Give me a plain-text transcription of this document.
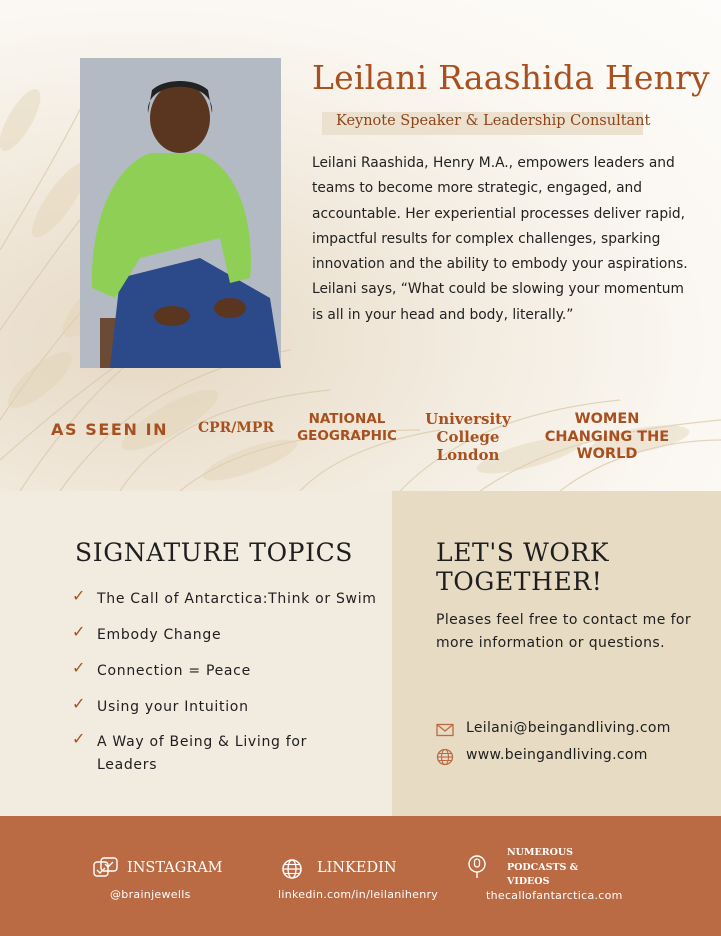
Leilani Raashida Henry
Keynote Speaker & Leadership Consultant
Leilani Raashida, Henry M.A., empowers leaders and teams to become more strategic, engaged, and accountable. Her experiential processes deliver rapid, impactful results for complex challenges, sparking innovation and the ability to embody your aspirations. Leilani says, “What could be slowing your momentum is all in your head and body, literally.”
AS SEEN IN CPR/MPR
NATIONAL GEOGRAPHIC
University College London
WOMEN CHANGING THE WORLD
SIGNATURE TOPICS
✓ The Call of Antarctica:Think or Swim
✓ Embody Change
✓ Connection = Peace
✓ Using your Intuition
✓ A Way of Being & Living for Leaders
LET'S WORK TOGETHER!
Pleases feel free to contact me for more information or questions.
Leilani@beingandliving.com
www.beingandliving.com
INSTAGRAM
@brainjewells
LINKEDIN
linkedin.com/in/leilanihenry
NUMEROUS PODCASTS & VIDEOS
thecallofantarctica.com
